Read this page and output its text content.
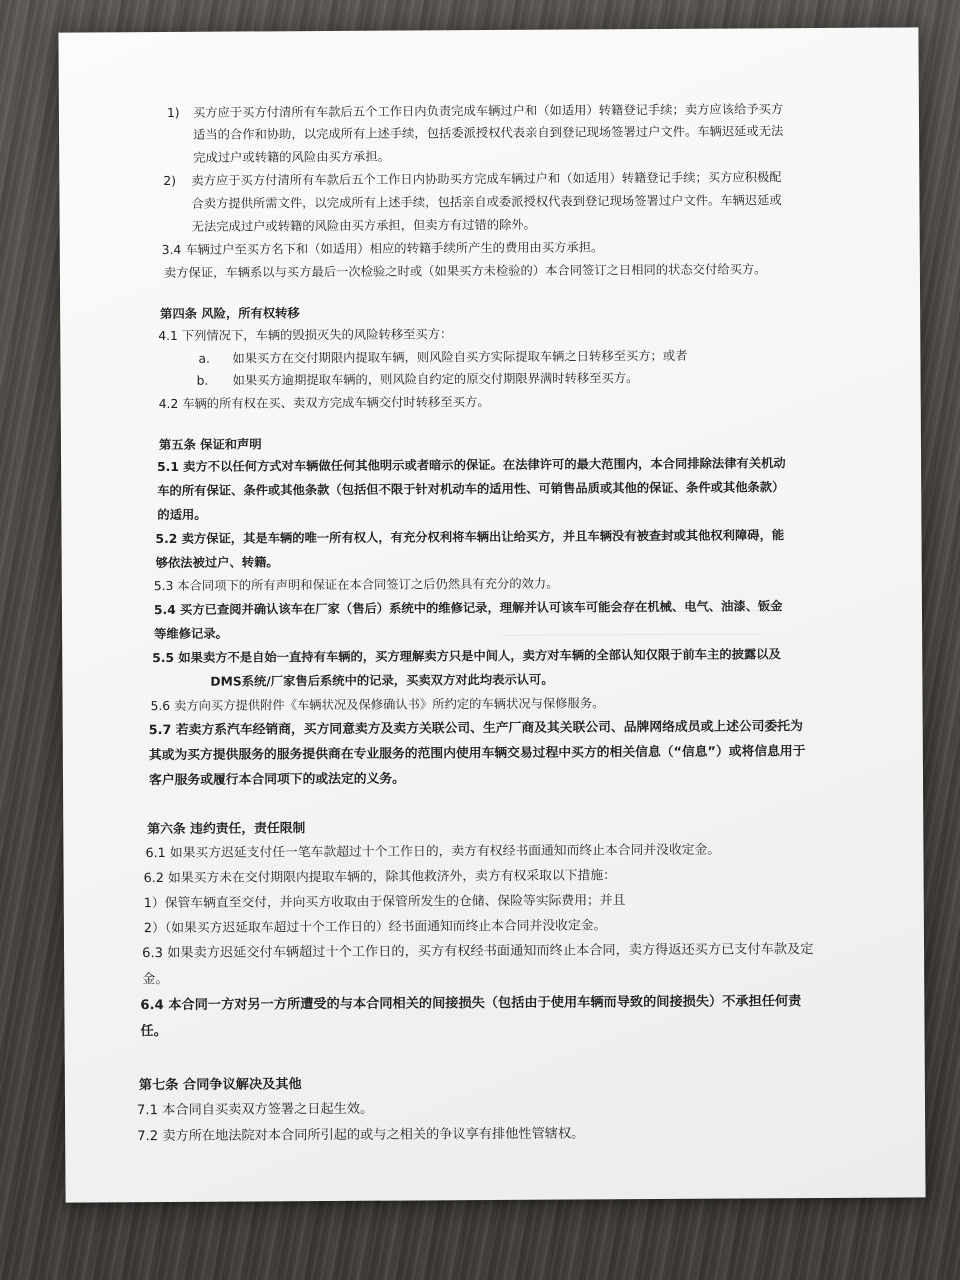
1) 买方应于买方付清所有车款后五个工作日内负责完成车辆过户和（如适用）转籍登记手续；卖方应该给予买方

适当的合作和协助，以完成所有上述手续，包括委派授权代表亲自到登记现场签署过户文件。车辆迟延或无法

完成过户或转籍的风险由买方承担。

2) 卖方应于买方付清所有车款后五个工作日内协助买方完成车辆过户和（如适用）转籍登记手续；买方应积极配

合卖方提供所需文件，以完成所有上述手续，包括亲自或委派授权代表到登记现场签署过户文件。车辆迟延或

无法完成过户或转籍的风险由买方承担，但卖方有过错的除外。

3.4 车辆过户至买方名下和（如适用）相应的转籍手续所产生的费用由买方承担。

卖方保证，车辆系以与买方最后一次检验之时或（如果买方未检验的）本合同签订之日相同的状态交付给买方。

第四条 风险，所有权转移

4.1 下列情况下，车辆的毁损灭失的风险转移至买方：

a. 如果买方在交付期限内提取车辆，则风险自买方实际提取车辆之日转移至买方；或者

b. 如果买方逾期提取车辆的，则风险自约定的原交付期限界满时转移至买方。

4.2 车辆的所有权在买、卖双方完成车辆交付时转移至买方。

第五条 保证和声明

5.1 卖方不以任何方式对车辆做任何其他明示或者暗示的保证。在法律许可的最大范围内，本合同排除法律有关机动

车的所有保证、条件或其他条款（包括但不限于针对机动车的适用性、可销售品质或其他的保证、条件或其他条款）

的适用。

5.2 卖方保证，其是车辆的唯一所有权人，有充分权利将车辆出让给买方，并且车辆没有被查封或其他权利障碍，能

够依法被过户、转籍。

5.3 本合同项下的所有声明和保证在本合同签订之后仍然具有充分的效力。

5.4 买方已查阅并确认该车在厂家（售后）系统中的维修记录，理解并认可该车可能会存在机械、电气、油漆、钣金

等维修记录。

5.5 如果卖方不是自始一直持有车辆的，买方理解卖方只是中间人，卖方对车辆的全部认知仅限于前车主的披露以及

DMS系统/厂家售后系统中的记录，买卖双方对此均表示认可。

5.6 卖方向买方提供附件《车辆状况及保修确认书》所约定的车辆状况与保修服务。

5.7 若卖方系汽车经销商，买方同意卖方及卖方关联公司、生产厂商及其关联公司、品牌网络成员或上述公司委托为

其或为买方提供服务的服务提供商在专业服务的范围内使用车辆交易过程中买方的相关信息（“信息”）或将信息用于

客户服务或履行本合同项下的或法定的义务。

第六条 违约责任，责任限制

6.1 如果买方迟延支付任一笔车款超过十个工作日的，卖方有权经书面通知而终止本合同并没收定金。

6.2 如果买方未在交付期限内提取车辆的，除其他救济外，卖方有权采取以下措施：

1）保管车辆直至交付，并向买方收取由于保管所发生的仓储、保险等实际费用；并且

2）（如果买方迟延取车超过十个工作日的）经书面通知而终止本合同并没收定金。

6.3 如果卖方迟延交付车辆超过十个工作日的，买方有权经书面通知而终止本合同，卖方得返还买方已支付车款及定

金。

6.4 本合同一方对另一方所遭受的与本合同相关的间接损失（包括由于使用车辆而导致的间接损失）不承担任何责

任。

第七条 合同争议解决及其他

7.1 本合同自买卖双方签署之日起生效。

7.2 卖方所在地法院对本合同所引起的或与之相关的争议享有排他性管辖权。
